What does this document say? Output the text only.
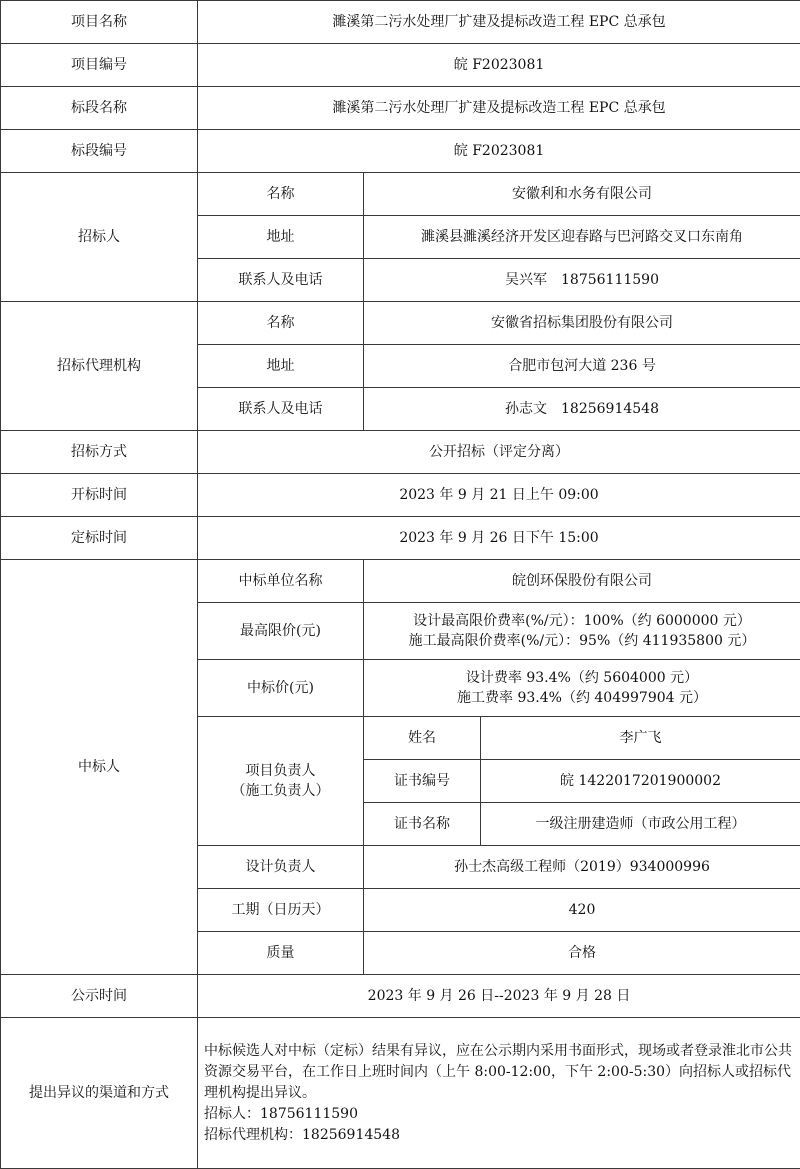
项目名称	濉溪第二污水处理厂扩建及提标改造工程 EPC 总承包		
项目编号	皖 F2023081		
标段名称	濉溪第二污水处理厂扩建及提标改造工程 EPC 总承包		
标段编号	皖 F2023081		
招标人	名称	安徽利和水务有限公司	
	地址	濉溪县濉溪经济开发区迎春路与巴河路交叉口东南角	
	联系人及电话	吴兴军　18756111590	
招标代理机构	名称	安徽省招标集团股份有限公司	
	地址	合肥市包河大道 236 号	
	联系人及电话	孙志文　18256914548	
招标方式	公开招标（评定分离）		
开标时间	2023 年 9 月 21 日上午 09:00		
定标时间	2023 年 9 月 26 日下午 15:00		
中标人	中标单位名称	皖创环保股份有限公司	
	最高限价(元)	设计最高限价费率(%/元）：100%（约 6000000 元）
施工最高限价费率(%/元）：95%（约 411935800 元）	

	中标价(元)	设计费率 93.4%（约 5604000 元）
施工费率 93.4%（约 404997904 元）	

	项目负责人
（施工负责人）	姓名	李广飞
		证书编号	皖 1422017201900002
		证书名称	一级注册建造师（市政公用工程）
	设计负责人	孙士杰高级工程师（2019）934000996	
	工期（日历天）	420	
	质量	合格	
公示时间	2023 年 9 月 26 日--2023 年 9 月 28 日		
提出异议的渠道和方式	中标候选人对中标（定标）结果有异议，应在公示期内采用书面形式，现场或者登录淮北市公共资源交易平台，在工作日上班时间内（上午 8:00-12:00，下午 2:00-5:30）向招标人或招标代理机构提出异议。
招标人：18756111590
招标代理机构：18256914548		
